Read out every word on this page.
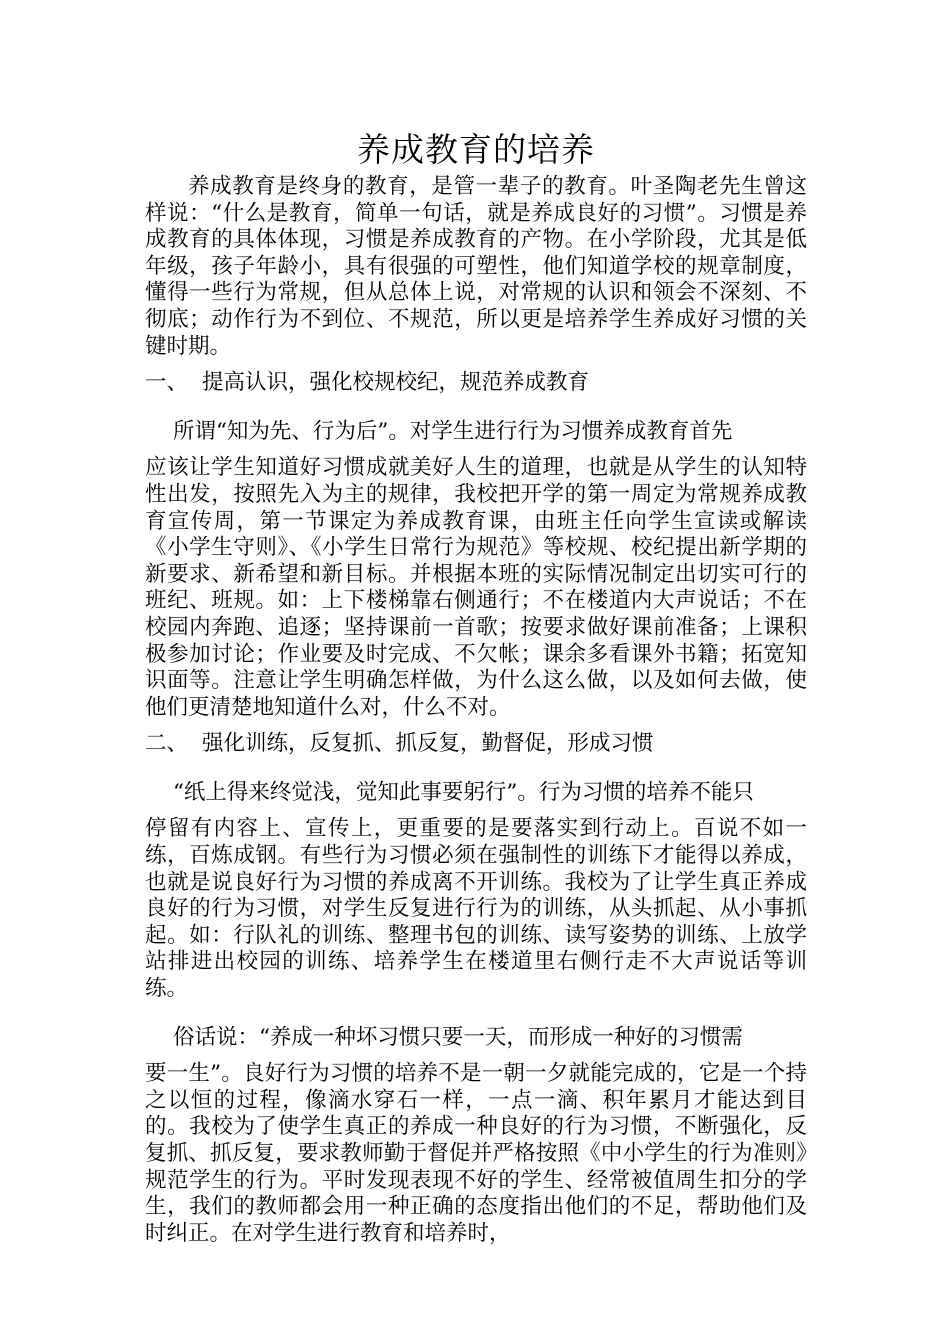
养成教育的培养

养成教育是终身的教育，是管一辈子的教育。叶圣陶老先生曾这样说：“什么是教育，简单一句话，就是养成良好的习惯”。习惯是养成教育的具体体现，习惯是养成教育的产物。在小学阶段，尤其是低年级，孩子年龄小，具有很强的可塑性，他们知道学校的规章制度，懂得一些行为常规，但从总体上说，对常规的认识和领会不深刻、不彻底；动作行为不到位、不规范，所以更是培养学生养成好习惯的关键时期。

一、 提高认识，强化校规校纪，规范养成教育

所谓“知为先、行为后”。对学生进行行为习惯养成教育首先

应该让学生知道好习惯成就美好人生的道理，也就是从学生的认知特性出发，按照先入为主的规律，我校把开学的第一周定为常规养成教育宣传周，第一节课定为养成教育课，由班主任向学生宣读或解读《小学生守则》、《小学生日常行为规范》等校规、校纪提出新学期的新要求、新希望和新目标。并根据本班的实际情况制定出切实可行的班纪、班规。如：上下楼梯靠右侧通行；不在楼道内大声说话；不在校园内奔跑、追逐；坚持课前一首歌；按要求做好课前准备；上课积极参加讨论；作业要及时完成、不欠帐；课余多看课外书籍；拓宽知识面等。注意让学生明确怎样做，为什么这么做，以及如何去做，使他们更清楚地知道什么对，什么不对。

二、 强化训练，反复抓、抓反复，勤督促，形成习惯

“纸上得来终觉浅，觉知此事要躬行”。行为习惯的培养不能只

停留有内容上、宣传上，更重要的是要落实到行动上。百说不如一练，百炼成钢。有些行为习惯必须在强制性的训练下才能得以养成，也就是说良好行为习惯的养成离不开训练。我校为了让学生真正养成良好的行为习惯，对学生反复进行行为的训练，从头抓起、从小事抓起。如：行队礼的训练、整理书包的训练、读写姿势的训练、上放学站排进出校园的训练、培养学生在楼道里右侧行走不大声说话等训练。

俗话说：“养成一种坏习惯只要一天，而形成一种好的习惯需

要一生”。良好行为习惯的培养不是一朝一夕就能完成的，它是一个持之以恒的过程，像滴水穿石一样，一点一滴、积年累月才能达到目的。我校为了使学生真正的养成一种良好的行为习惯，不断强化，反复抓、抓反复，要求教师勤于督促并严格按照《中小学生的行为准则》规范学生的行为。平时发现表现不好的学生、经常被值周生扣分的学生，我们的教师都会用一种正确的态度指出他们的不足，帮助他们及时纠正。在对学生进行教育和培养时，
